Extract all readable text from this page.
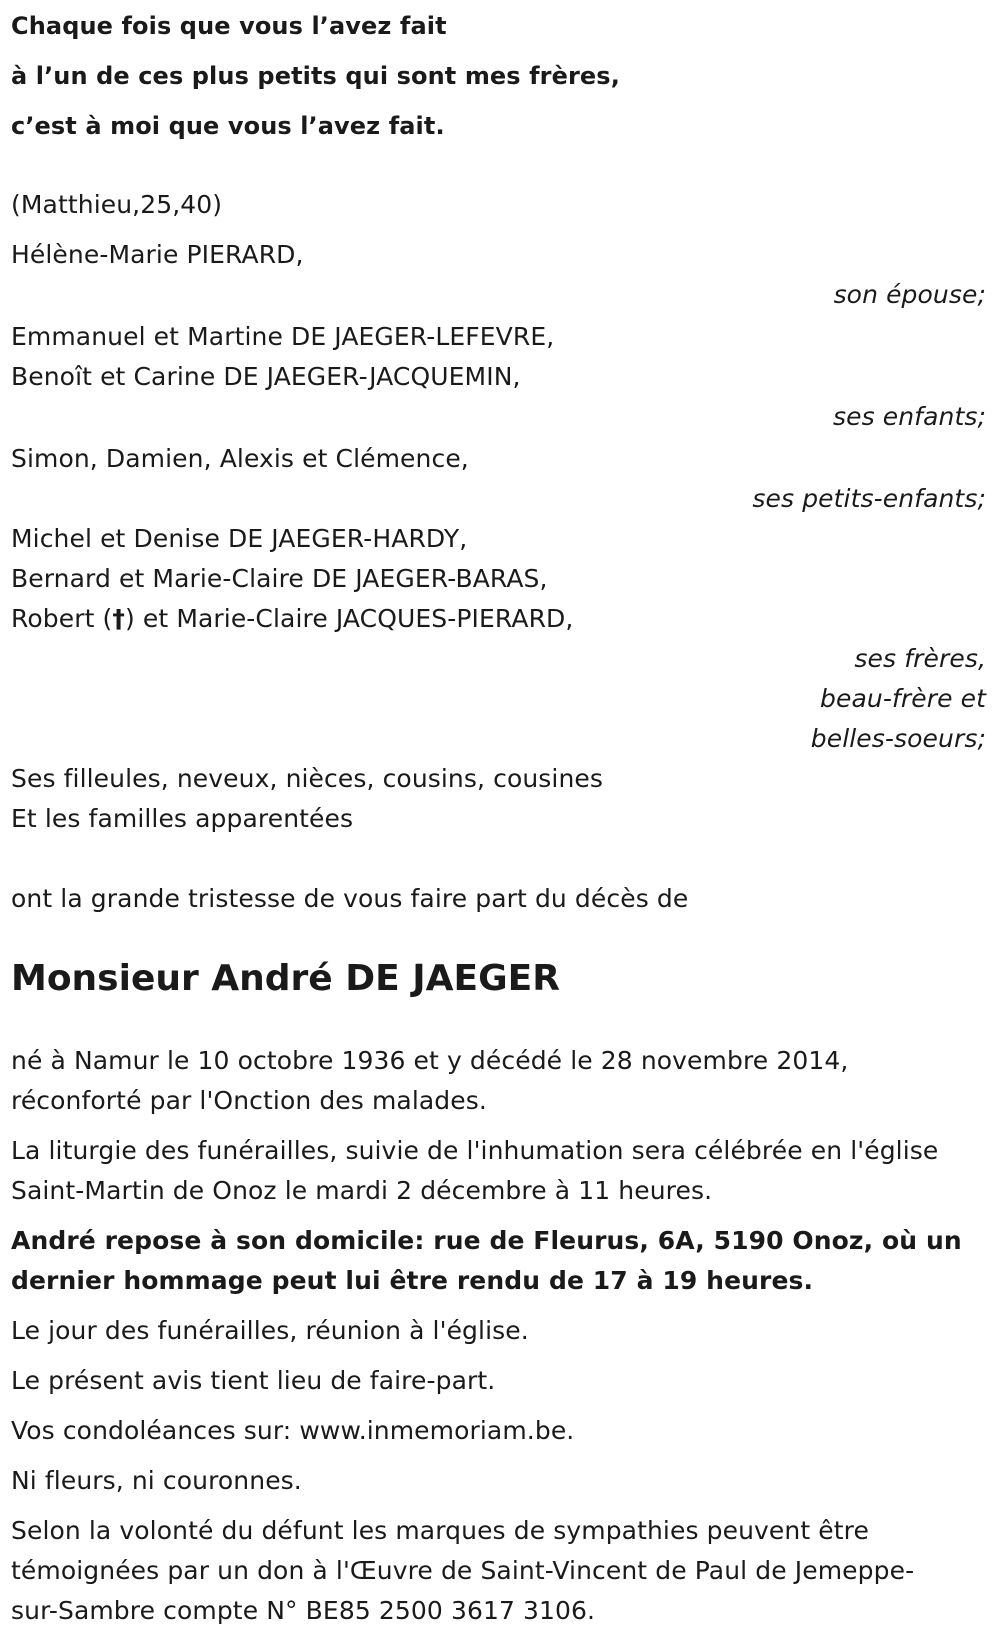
Chaque fois que vous l’avez fait
à l’un de ces plus petits qui sont mes frères,
c’est à moi que vous l’avez fait.
(Matthieu,25,40)
Hélène-Marie PIERARD,
son épouse;
Emmanuel et Martine DE JAEGER-LEFEVRE,
Benoît et Carine DE JAEGER-JACQUEMIN,
ses enfants;
Simon, Damien, Alexis et Clémence,
ses petits-enfants;
Michel et Denise DE JAEGER-HARDY,
Bernard et Marie-Claire DE JAEGER-BARAS,
Robert (†) et Marie-Claire JACQUES-PIERARD,
ses frères,
beau-frère et
belles-soeurs;
Ses filleules, neveux, nièces, cousins, cousines
Et les familles apparentées
ont la grande tristesse de vous faire part du décès de
Monsieur André DE JAEGER
né à Namur le 10 octobre 1936 et y décédé le 28 novembre 2014,
réconforté par l'Onction des malades.
La liturgie des funérailles, suivie de l'inhumation sera célébrée en l'église
Saint-Martin de Onoz le mardi 2 décembre à 11 heures.
André repose à son domicile: rue de Fleurus, 6A, 5190 Onoz, où un
dernier hommage peut lui être rendu de 17 à 19 heures.
Le jour des funérailles, réunion à l'église.
Le présent avis tient lieu de faire-part.
Vos condoléances sur: www.inmemoriam.be.
Ni fleurs, ni couronnes.
Selon la volonté du défunt les marques de sympathies peuvent être
témoignées par un don à l'Œuvre de Saint-Vincent de Paul de Jemeppe-
sur-Sambre compte N° BE85 2500 3617 3106.
